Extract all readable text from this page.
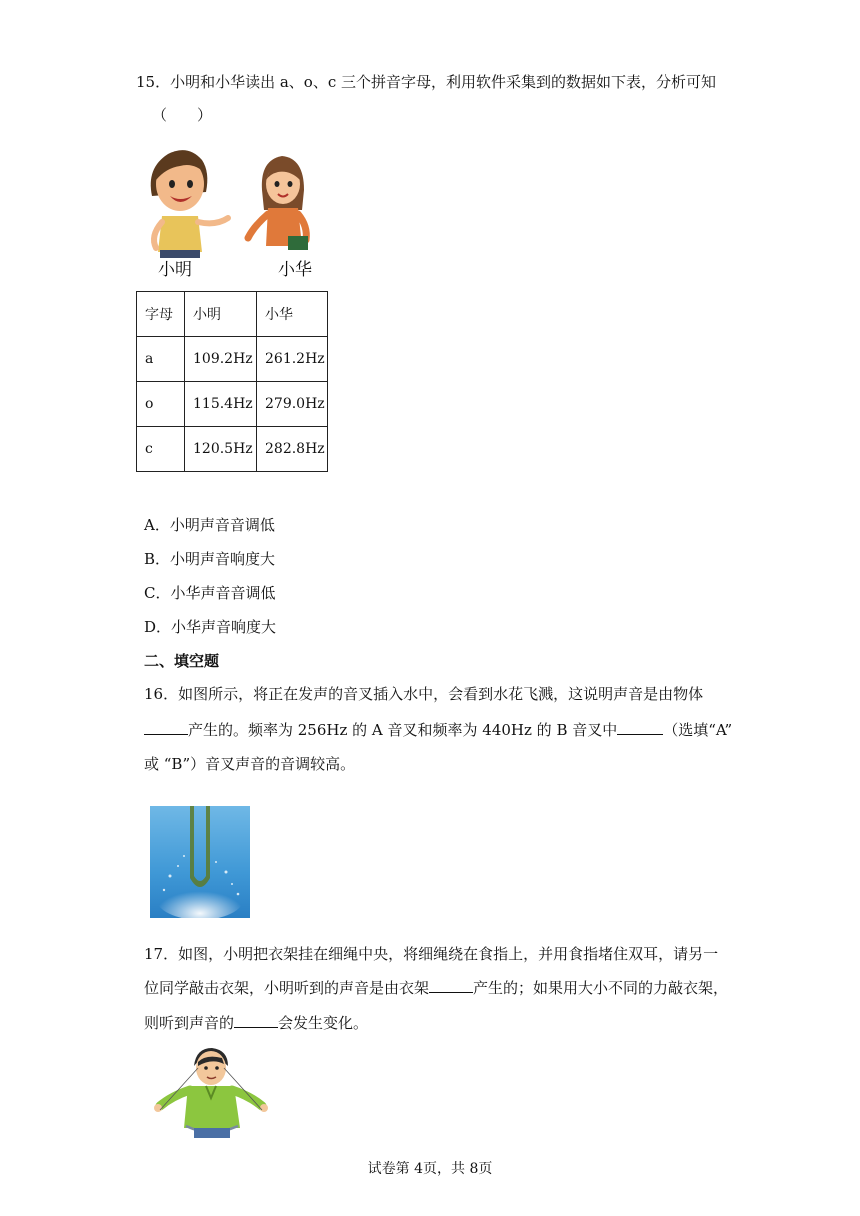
15．小明和小华读出 a、o、c 三个拼音字母，利用软件采集到的数据如下表，分析可知
（　　）
小明	小华
字母	小明	小华
a	109.2Hz	261.2Hz
o	115.4Hz	279.0Hz
c	120.5Hz	282.8Hz
A．小明声音音调低
B．小明声音响度大
C．小华声音音调低
D．小华声音响度大
二、填空题
16．如图所示，将正在发声的音叉插入水中，会看到水花飞溅，这说明声音是由物体
产生的。频率为 256Hz 的 A 音叉和频率为 440Hz 的 B 音叉中	（选填“A”
或 “B”）音叉声音的音调较高。
17．如图，小明把衣架挂在细绳中央，将细绳绕在食指上，并用食指堵住双耳，请另一
位同学敲击衣架，小明听到的声音是由衣架	产生的；如果用大小不同的力敲衣架，
则听到声音的	会发生变化。
试卷第 4页，共 8页
